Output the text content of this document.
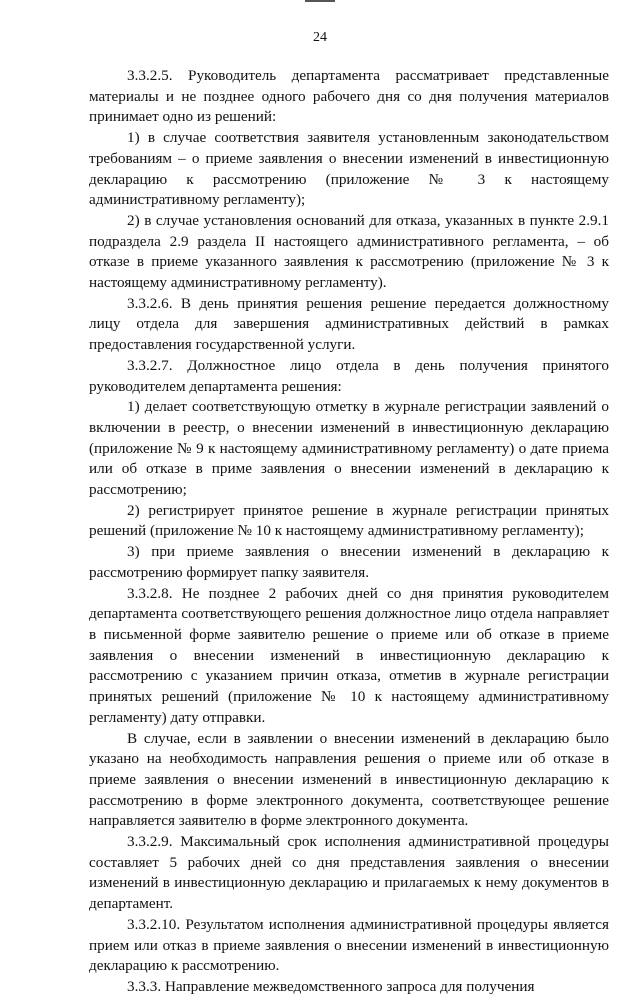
24

3.3.2.5. Руководитель департамента рассматривает представленные материалы и не позднее одного рабочего дня со дня получения материалов принимает одно из решений:

1) в случае соответствия заявителя установленным законодательством требованиям – о приеме заявления о внесении изменений в инвестиционную декларацию к рассмотрению (приложение № 3 к настоящему административному регламенту);

2) в случае установления оснований для отказа, указанных в пункте 2.9.1 подраздела 2.9 раздела II настоящего административного регламента, – об отказе в приеме указанного заявления к рассмотрению (приложение № 3 к настоящему административному регламенту).

3.3.2.6. В день принятия решения решение передается должностному лицу отдела для завершения административных действий в рамках предоставления государственной услуги.

3.3.2.7. Должностное лицо отдела в день получения принятого руководителем департамента решения:

1) делает соответствующую отметку в журнале регистрации заявлений о включении в реестр, о внесении изменений в инвестиционную декларацию (приложение № 9 к настоящему административному регламенту) о дате приема или об отказе в приме заявления о внесении изменений в декларацию к рассмотрению;

2) регистрирует принятое решение в журнале регистрации принятых решений (приложение № 10 к настоящему административному регламенту);

3) при приеме заявления о внесении изменений в декларацию к рассмотрению формирует папку заявителя.

3.3.2.8. Не позднее 2 рабочих дней со дня принятия руководителем департамента соответствующего решения должностное лицо отдела направляет в письменной форме заявителю решение о приеме или об отказе в приеме заявления о внесении изменений в инвестиционную декларацию к рассмотрению с указанием причин отказа, отметив в журнале регистрации принятых решений (приложение № 10 к настоящему административному регламенту) дату отправки.

В случае, если в заявлении о внесении изменений в декларацию было указано на необходимость направления решения о приеме или об отказе в приеме заявления о внесении изменений в инвестиционную декларацию к рассмотрению в форме электронного документа, соответствующее решение направляется заявителю в форме электронного документа.

3.3.2.9. Максимальный срок исполнения административной процедуры составляет 5 рабочих дней со дня представления заявления о внесении изменений в инвестиционную декларацию и прилагаемых к нему документов в департамент.

3.3.2.10. Результатом исполнения административной процедуры является прием или отказ в приеме заявления о внесении изменений в инвестиционную декларацию к рассмотрению.

3.3.3. Направление межведомственного запроса для получения
